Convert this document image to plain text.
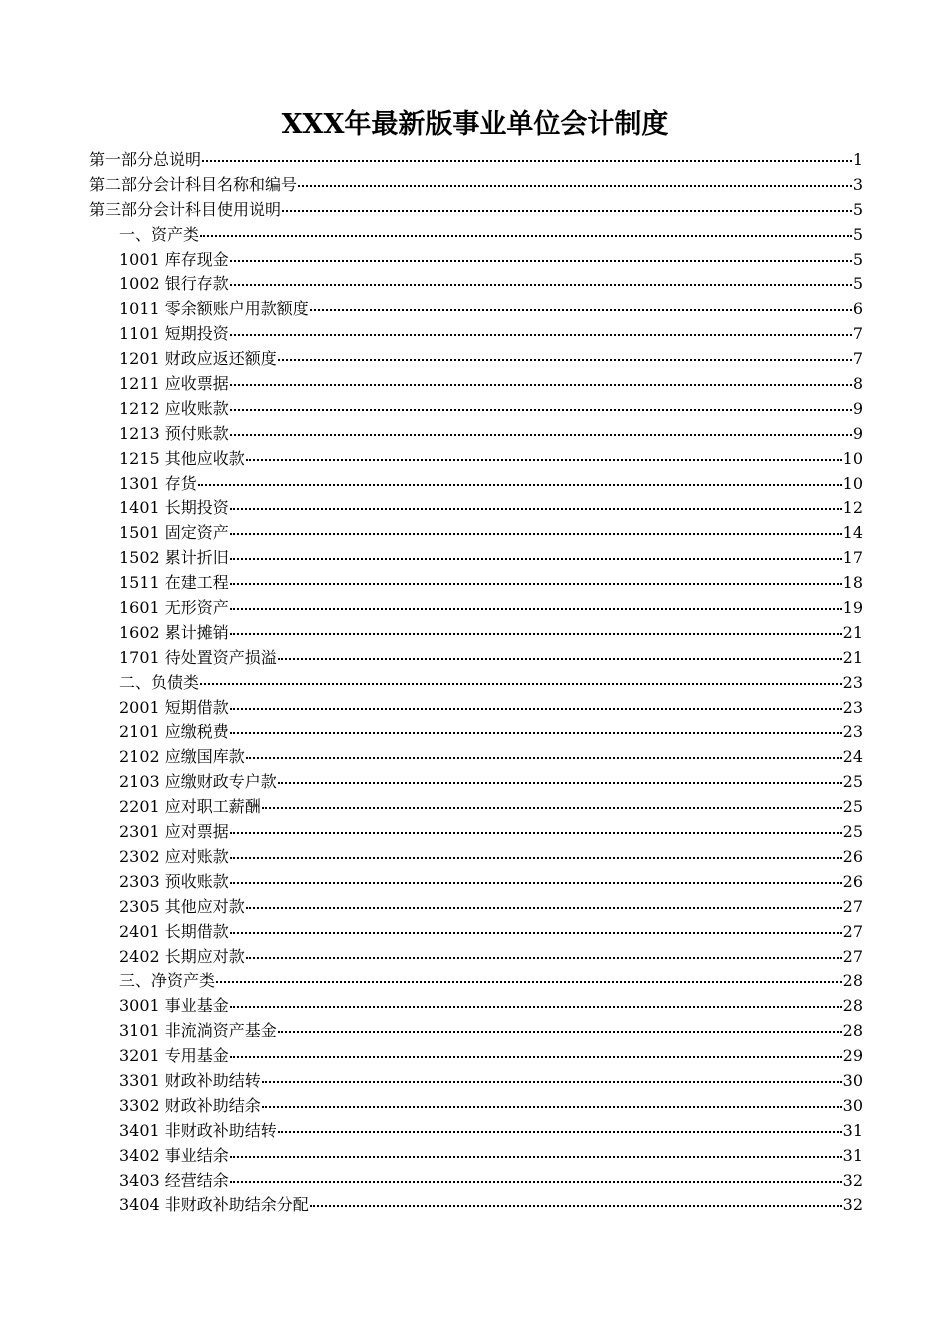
XXX年最新版事业单位会计制度
第一部分总说明	1
第二部分会计科目名称和编号	3
第三部分会计科目使用说明	5
一、资产类	5
1001 库存现金	5
1002 银行存款	5
1011 零余额账户用款额度	6
1101 短期投资	7
1201 财政应返还额度	7
1211 应收票据	8
1212 应收账款	9
1213 预付账款	9
1215 其他应收款	10
1301 存货	10
1401 长期投资	12
1501 固定资产	14
1502 累计折旧	17
1511 在建工程	18
1601 无形资产	19
1602 累计摊销	21
1701 待处置资产损溢	21
二、负债类	23
2001 短期借款	23
2101 应缴税费	23
2102 应缴国库款	24
2103 应缴财政专户款	25
2201 应对职工薪酬	25
2301 应对票据	25
2302 应对账款	26
2303 预收账款	26
2305 其他应对款	27
2401 长期借款	27
2402 长期应对款	27
三、净资产类	28
3001 事业基金	28
3101 非流淌资产基金	28
3201 专用基金	29
3301 财政补助结转	30
3302 财政补助结余	30
3401 非财政补助结转	31
3402 事业结余	31
3403 经营结余	32
3404 非财政补助结余分配	32
